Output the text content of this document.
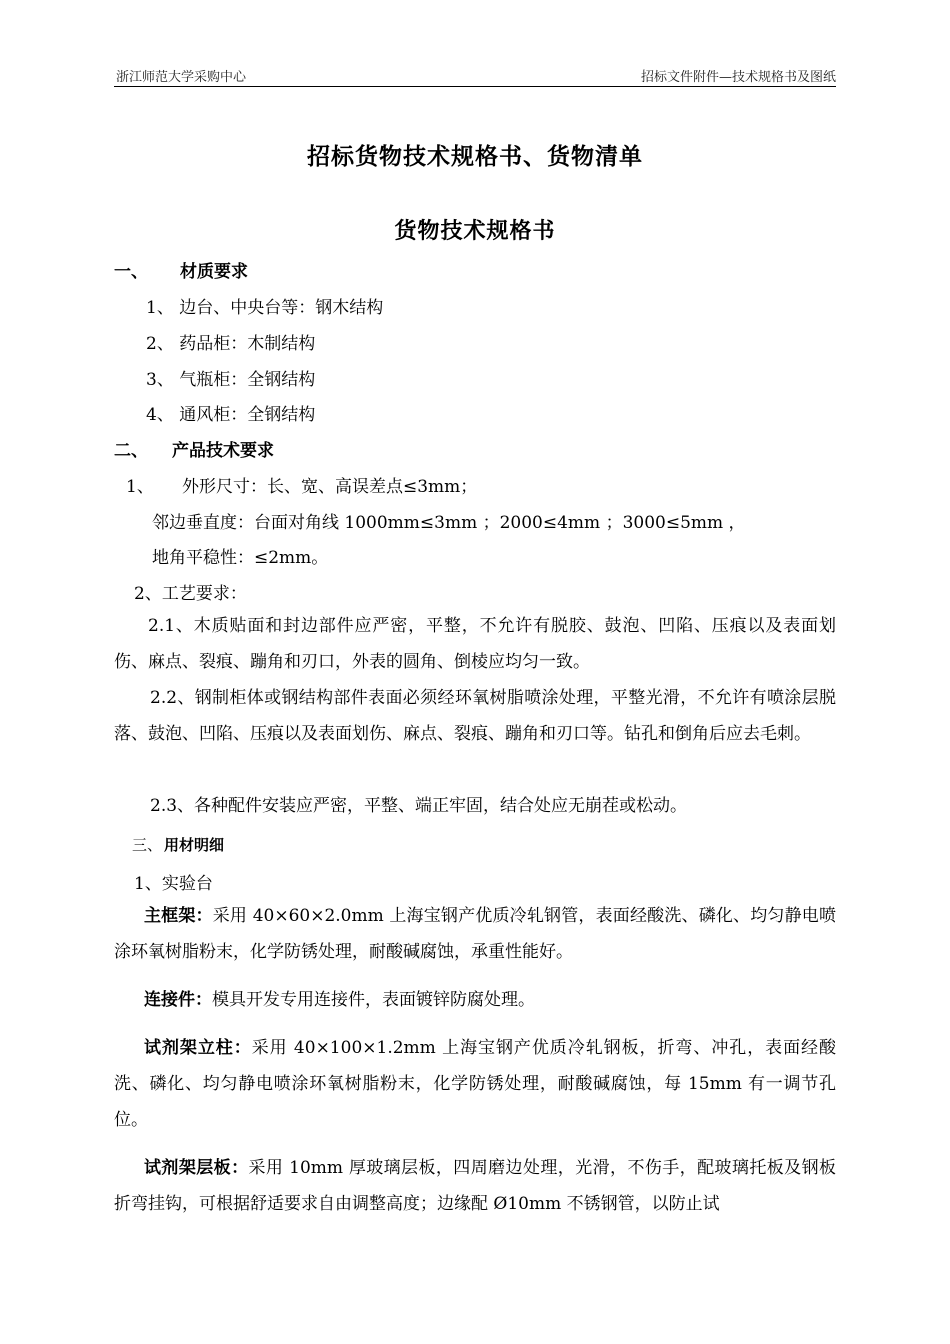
浙江师范大学采购中心	招标文件附件—技术规格书及图纸
招标货物技术规格书、货物清单
货物技术规格书
一、 材质要求
1、 边台、中央台等：钢木结构
2、 药品柜：木制结构
3、 气瓶柜：全钢结构
4、 通风柜：全钢结构
二、 产品技术要求
1、 外形尺寸：长、宽、高误差点≤3mm；
邻边垂直度：台面对角线 1000mm≤3mm ；2000≤4mm ；3000≤5mm ，
地角平稳性：≤2mm。
2、工艺要求：
2.1、木质贴面和封边部件应严密，平整，不允许有脱胶、鼓泡、凹陷、压痕以及表面划伤、麻点、裂痕、蹦角和刃口，外表的圆角、倒棱应均匀一致。
2.2、钢制柜体或钢结构部件表面必须经环氧树脂喷涂处理，平整光滑，不允许有喷涂层脱落、鼓泡、凹陷、压痕以及表面划伤、麻点、裂痕、蹦角和刃口等。钻孔和倒角后应去毛刺。
2.3、各种配件安装应严密，平整、端正牢固，结合处应无崩茬或松动。
三、 用材明细
1、实验台
主框架：采用 40×60×2.0mm 上海宝钢产优质冷轧钢管，表面经酸洗、磷化、均匀静电喷涂环氧树脂粉末，化学防锈处理，耐酸碱腐蚀，承重性能好。
连接件：模具开发专用连接件，表面镀锌防腐处理。
试剂架立柱：采用 40×100×1.2mm 上海宝钢产优质冷轧钢板，折弯、冲孔，表面经酸洗、磷化、均匀静电喷涂环氧树脂粉末，化学防锈处理，耐酸碱腐蚀，每 15mm 有一调节孔位。
试剂架层板：采用 10mm 厚玻璃层板，四周磨边处理，光滑，不伤手，配玻璃托板及钢板折弯挂钩，可根据舒适要求自由调整高度；边缘配 Ø10mm 不锈钢管，以防止试
